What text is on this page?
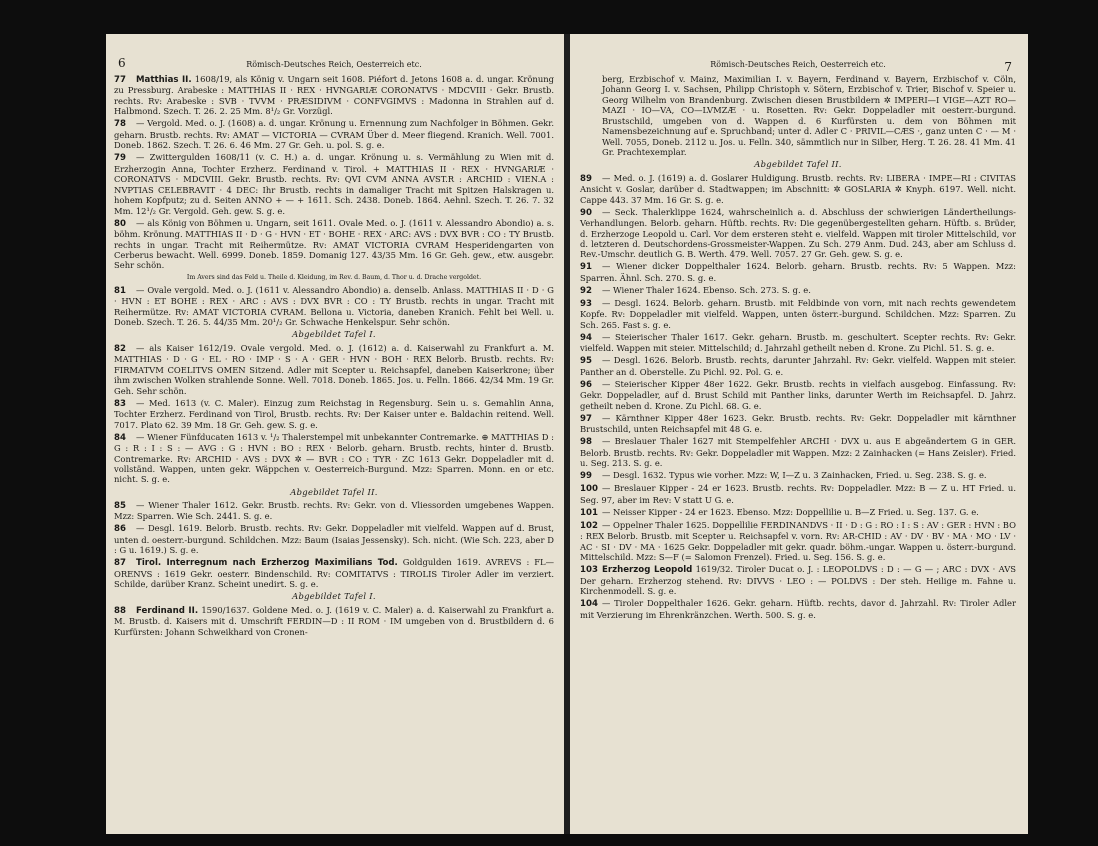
6	Römisch-Deutsches Reich, Oesterreich etc.
77 Matthias II. 1608/19, als König v. Ungarn seit 1608. Piéfort d. Jetons 1608 a. d. ungar. Krönung zu Pressburg. Arabeske : MATTHIAS II · REX · HVNGARIÆ CORONATVS · MDCVIII · Gekr. Brustb. rechts. Rv: Arabeske : SVB · TVVM · PRÆSIDIVM · CONFVGIMVS : Madonna in Strahlen auf d. Halbmond. Szech. T. 26. 2. 25 Mm. 8¹/₂ Gr. Vorzügl.
78 — Vergold. Med. o. J. (1608) a. d. ungar. Krönung u. Ernennung zum Nachfolger in Böhmen. Gekr. geharn. Brustb. rechts. Rv: AMAT — VICTORIA — CVRAM Über d. Meer fliegend. Kranich. Well. 7001. Doneb. 1862. Szech. T. 26. 6. 46 Mm. 27 Gr. Geh. u. pol. S. g. e.
79 — Zwittergulden 1608/11 (v. C. H.) a. d. ungar. Krönung u. s. Vermählung zu Wien mit d. Erzherzogin Anna, Tochter Erzherz. Ferdinand v. Tirol. + MATTHIAS II · REX · HVNGARIÆ · CORONATVS · MDCVIII. Gekr. Brustb. rechts. Rv: QVI CVM ANNA AVST.R : ARCHID : VIEN.A : NVPTIAS CELEBRAVIT · 4 DEC: Ihr Brustb. rechts in damaliger Tracht mit Spitzen Halskragen u. hohem Kopfputz; zu d. Seiten ANNO + — + 1611. Sch. 2438. Doneb. 1864. Aehnl. Szech. T. 26. 7. 32 Mm. 12¹/₂ Gr. Vergold. Geh. gew. S. g. e.
80 — als König von Böhmen u. Ungarn, seit 1611. Ovale Med. o. J. (1611 v. Alessandro Abondio) a. s. böhm. Krönung. MATTHIAS II · D · G · HVN · ET · BOHE · REX · ARC: AVS : DVX BVR : CO : TY Brustb. rechts in ungar. Tracht mit Reihermütze. Rv: AMAT VICTORIA CVRAM Hesperidengarten von Cerberus bewacht. Well. 6999. Doneb. 1859. Domanig 127. 43/35 Mm. 16 Gr. Geh. gew., etw. ausgebr. Sehr schön.
Im Avers sind das Feld u. Theile d. Kleidung, im Rev. d. Baum, d. Thor u. d. Drache vergoldet.
81 — Ovale vergold. Med. o. J. (1611 v. Alessandro Abondio) a. denselb. Anlass. MATTHIAS II · D · G · HVN : ET BOHE : REX · ARC : AVS : DVX BVR : CO : TY Brustb. rechts in ungar. Tracht mit Reihermütze. Rv: AMAT VICTORIA CVRAM. Bellona u. Victoria, daneben Kranich. Fehlt bei Well. u. Doneb. Szech. T. 26. 5. 44/35 Mm. 20¹/₂ Gr. Schwache Henkelspur. Sehr schön.
Abgebildet Tafel I.
82 — als Kaiser 1612/19. Ovale vergold. Med. o. J. (1612) a. d. Kaiserwahl zu Frankfurt a. M. MATTHIAS · D · G · EL · RO · IMP · S · A · GER · HVN · BOH · REX Belorb. Brustb. rechts. Rv: FIRMATVM COELITVS OMEN Sitzend. Adler mit Scepter u. Reichsapfel, daneben Kaiserkrone; über ihm zwischen Wolken strahlende Sonne. Well. 7018. Doneb. 1865. Jos. u. Felln. 1866. 42/34 Mm. 19 Gr. Geh. Sehr schön.
83 — Med. 1613 (v. C. Maler). Einzug zum Reichstag in Regensburg. Sein u. s. Gemahlin Anna, Tochter Erzherz. Ferdinand von Tirol, Brustb. rechts. Rv: Der Kaiser unter e. Baldachin reitend. Well. 7017. Plato 62. 39 Mm. 18 Gr. Geh. gew. S. g. e.
84 — Wiener Fünfducaten 1613 v. ¹/₂ Thalerstempel mit unbekannter Contremarke. ⊕ MATTHIAS D : G : R : I : S : — AVG : G : HVN : BO : REX · Belorb. geharn. Brustb. rechts, hinter d. Brustb. Contremarke. Rv: ARCHID · AVS : DVX ✲ — BVR : CO : TYR · ZC 1613 Gekr. Doppeladler mit d. vollständ. Wappen, unten gekr. Wäppchen v. Oesterreich-Burgund. Mzz: Sparren. Monn. en or etc. nicht. S. g. e.
Abgebildet Tafel II.
85 — Wiener Thaler 1612. Gekr. Brustb. rechts. Rv: Gekr. von d. Vliessorden umgebenes Wappen. Mzz: Sparren. Wie Sch. 2441. S. g. e.
86 — Desgl. 1619. Belorb. Brustb. rechts. Rv: Gekr. Doppeladler mit vielfeld. Wappen auf d. Brust, unten d. oesterr.-burgund. Schildchen. Mzz: Baum (Isaias Jessensky). Sch. nicht. (Wie Sch. 223, aber D : G u. 1619.) S. g. e.
87 Tirol. Interregnum nach Erzherzog Maximilians Tod. Goldgulden 1619. AVREVS : FL—ORENVS : 1619 Gekr. oesterr. Bindenschild. Rv: COMITATVS : TIROLIS Tiroler Adler im verziert. Schilde, darüber Kranz. Scheint unedirt. S. g. e.
Abgebildet Tafel I.
88 Ferdinand II. 1590/1637. Goldene Med. o. J. (1619 v. C. Maler) a. d. Kaiserwahl zu Frankfurt a. M. Brustb. d. Kaisers mit d. Umschrift FERDIN—D : II ROM · IM umgeben von d. Brustbildern d. 6 Kurfürsten: Johann Schweikhard von Cronen-
Römisch-Deutsches Reich, Oesterreich etc.	7
berg, Erzbischof v. Mainz, Maximilian I. v. Bayern, Ferdinand v. Bayern, Erzbischof v. Cöln, Johann Georg I. v. Sachsen, Philipp Christoph v. Sötern, Erzbischof v. Trier, Bischof v. Speier u. Georg Wilhelm von Brandenburg. Zwischen diesen Brustbildern ✲ IMPERI—I VIGE—AZT RO—MAZI · IO—VA, CO—LVMZÆ · u. Rosetten. Rv: Gekr. Doppeladler mit oesterr.-burgund. Brustschild, umgeben von d. Wappen d. 6 Kurfürsten u. dem von Böhmen mit Namensbezeichnung auf e. Spruchband; unter d. Adler C · PRIVIL—CÆS ·, ganz unten C · — M · Well. 7055, Doneb. 2112 u. Jos. u. Felln. 340, sämmtlich nur in Silber, Herg. T. 26. 28. 41 Mm. 41 Gr. Prachtexemplar.
Abgebildet Tafel II.
89 — Med. o. J. (1619) a. d. Goslarer Huldigung. Brustb. rechts. Rv: LIBERA · IMPE—RI : CIVITAS Ansicht v. Goslar, darüber d. Stadtwappen; im Abschnitt: ✲ GOSLARIA ✲ Knyph. 6197. Well. nicht. Cappe 443. 37 Mm. 16 Gr. S. g. e.
90 — Seck. Thalerklippe 1624, wahrscheinlich a. d. Abschluss der schwierigen Ländertheilungs-Verhandlungen. Belorb. geharn. Hüftb. rechts. Rv: Die gegenübergestellten geharn. Hüftb. s. Brüder, d. Erzherzoge Leopold u. Carl. Vor dem ersteren steht e. vielfeld. Wappen mit tiroler Mittelschild, vor d. letzteren d. Deutschordens-Grossmeister-Wappen. Zu Sch. 279 Anm. Dud. 243, aber am Schluss d. Rev.-Umschr. deutlich G. B. Werth. 479. Well. 7057. 27 Gr. Geh. gew. S. g. e.
91 — Wiener dicker Doppelthaler 1624. Belorb. geharn. Brustb. rechts. Rv: 5 Wappen. Mzz: Sparren. Ähnl. Sch. 270. S. g. e.
92 — Wiener Thaler 1624. Ebenso. Sch. 273. S. g. e.
93 — Desgl. 1624. Belorb. geharn. Brustb. mit Feldbinde von vorn, mit nach rechts gewendetem Kopfe. Rv: Doppeladler mit vielfeld. Wappen, unten österr.-burgund. Schildchen. Mzz: Sparren. Zu Sch. 265. Fast s. g. e.
94 — Steierischer Thaler 1617. Gekr. geharn. Brustb. m. geschultert. Scepter rechts. Rv: Gekr. vielfeld. Wappen mit steier. Mittelschild; d. Jahrzahl getheilt neben d. Krone. Zu Pichl. 51. S. g. e.
95 — Desgl. 1626. Belorb. Brustb. rechts, darunter Jahrzahl. Rv: Gekr. vielfeld. Wappen mit steier. Panther an d. Oberstelle. Zu Pichl. 92. Pol. G. e.
96 — Steierischer Kipper 48er 1622. Gekr. Brustb. rechts in vielfach ausgebog. Einfassung. Rv: Gekr. Doppeladler, auf d. Brust Schild mit Panther links, darunter Werth im Reichsapfel. D. Jahrz. getheilt neben d. Krone. Zu Pichl. 68. G. e.
97 — Kärnthner Kipper 48er 1623. Gekr. Brustb. rechts. Rv: Gekr. Doppeladler mit kärnthner Brustschild, unten Reichsapfel mit 48 G. e.
98 — Breslauer Thaler 1627 mit Stempelfehler ARCHI · DVX u. aus E abgeändertem G in GER. Belorb. Brustb. rechts. Rv: Gekr. Doppeladler mit Wappen. Mzz: 2 Zainhacken (= Hans Zeisler). Fried. u. Seg. 213. S. g. e.
99 — Desgl. 1632. Typus wie vorher. Mzz: W, I—Z u. 3 Zainhacken, Fried. u. Seg. 238. S. g. e.
100 — Breslauer Kipper - 24 er 1623. Brustb. rechts. Rv: Doppeladler. Mzz: B — Z u. HT Fried. u. Seg. 97, aber im Rev: V statt U G. e.
101 — Neisser Kipper - 24 er 1623. Ebenso. Mzz: Doppellilie u. B—Z Fried. u. Seg. 137. G. e.
102 — Oppelner Thaler 1625. Doppellilie FERDINANDVS · II · D : G : RO : I : S : AV : GER : HVN : BO : REX Belorb. Brustb. mit Scepter u. Reichsapfel v. vorn. Rv: AR-CHID : AV · DV · BV · MA · MO · LV · AC · SI · DV · MA · 1625 Gekr. Doppeladler mit gekr. quadr. böhm.-ungar. Wappen u. österr.-burgund. Mittelschild. Mzz: S—F (= Salomon Frenzel). Fried. u. Seg. 156. S. g. e.
103 Erzherzog Leopold 1619/32. Tiroler Ducat o. J. : LEOPOLDVS : D : — G — ; ARC : DVX · AVS Der geharn. Erzherzog stehend. Rv: DIVVS · LEO : — POLDVS : Der steh. Heilige m. Fahne u. Kirchenmodell. S. g. e.
104 — Tiroler Doppelthaler 1626. Gekr. geharn. Hüftb. rechts, davor d. Jahrzahl. Rv: Tiroler Adler mit Verzierung im Ehrenkränzchen. Werth. 500. S. g. e.
